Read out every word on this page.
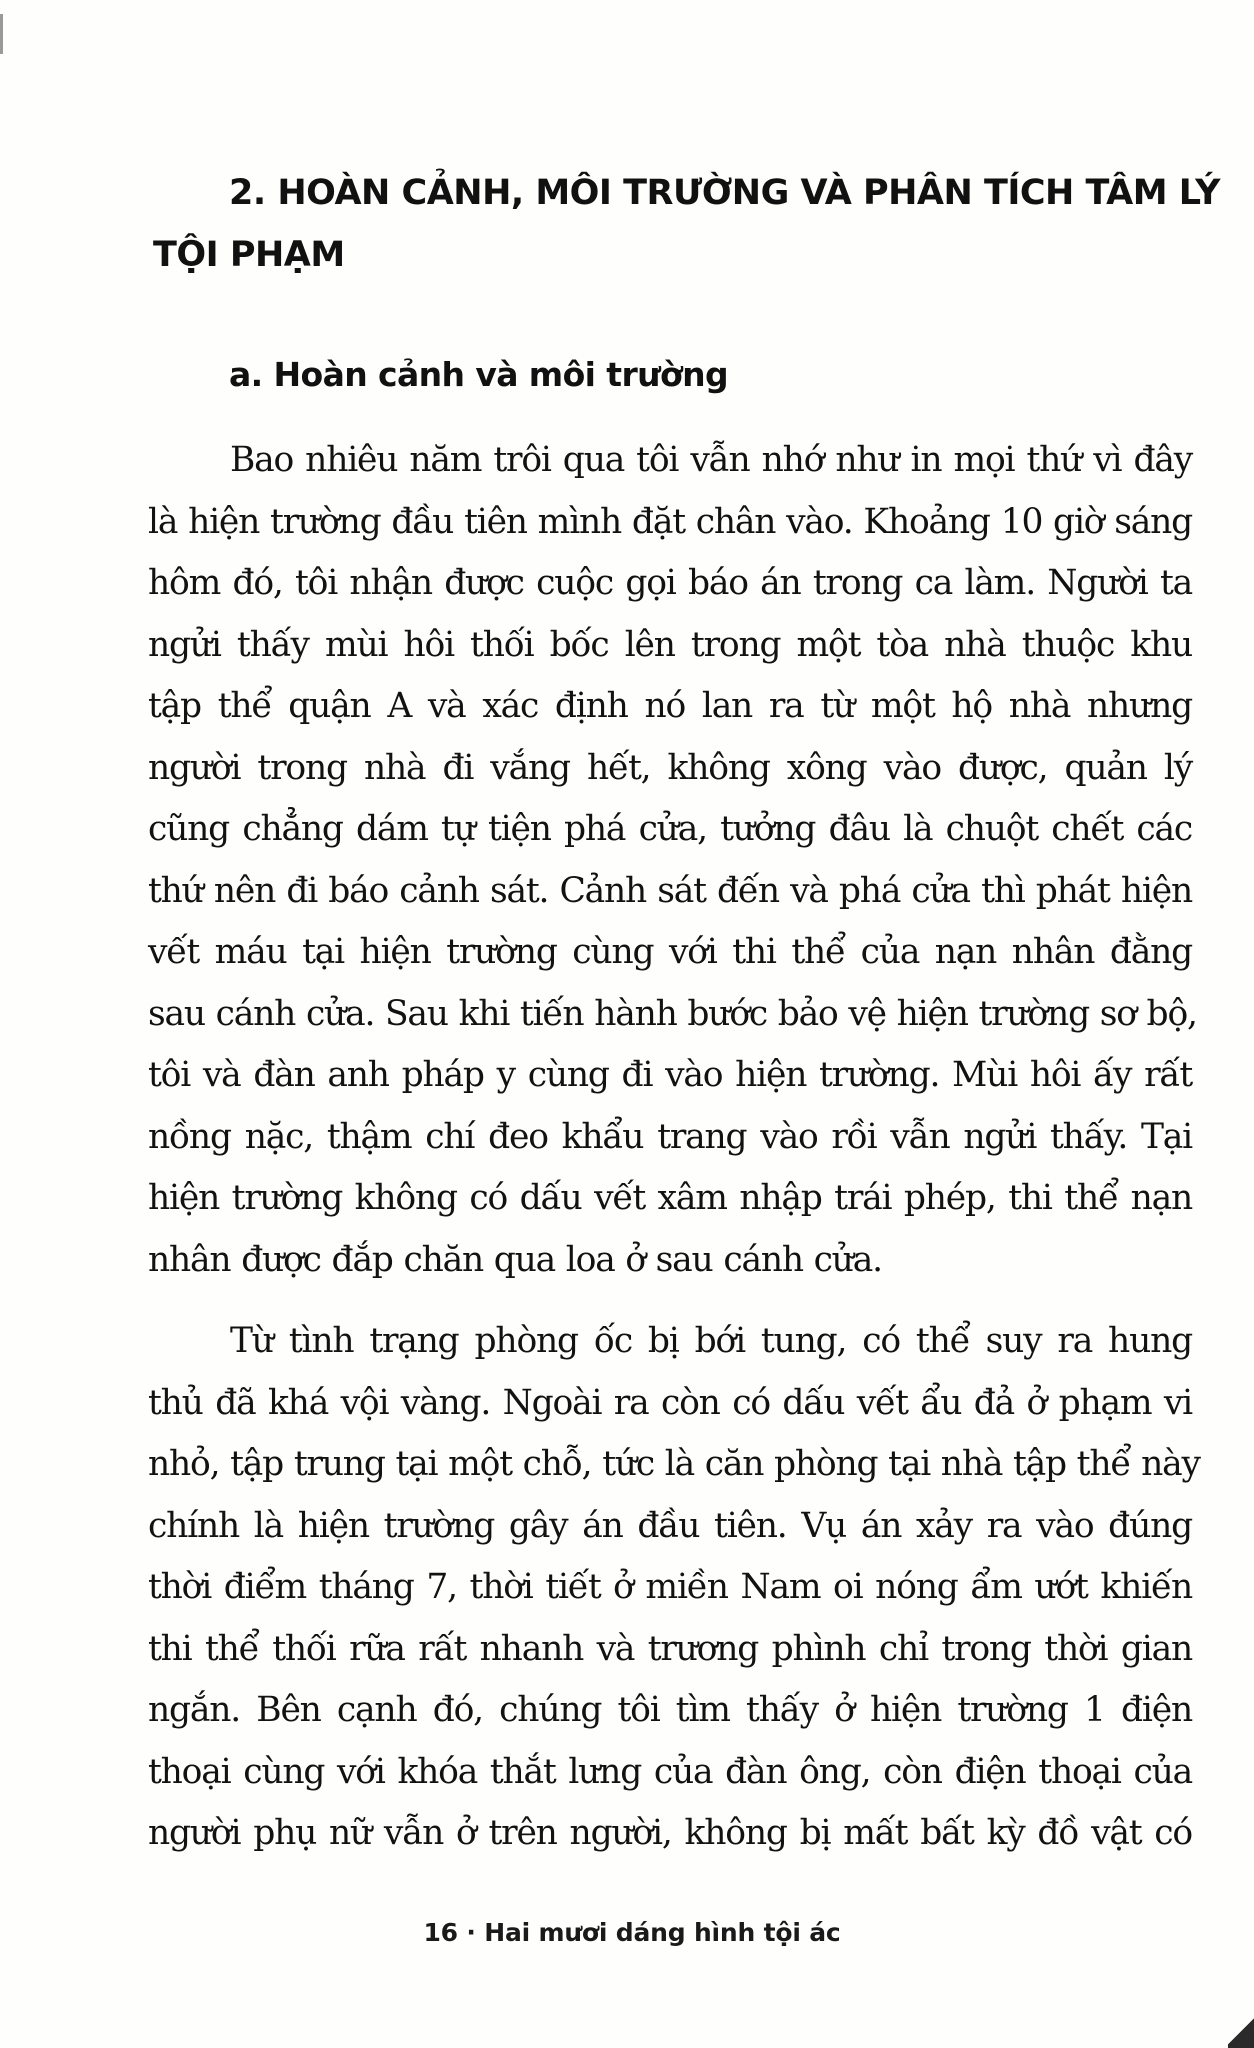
2. HOÀN CẢNH, MÔI TRƯỜNG VÀ PHÂN TÍCH TÂM LÝ
TỘI PHẠM
a. Hoàn cảnh và môi trường

Bao nhiêu năm trôi qua tôi vẫn nhớ như in mọi thứ vì đây
là hiện trường đầu tiên mình đặt chân vào. Khoảng 10 giờ sáng
hôm đó, tôi nhận được cuộc gọi báo án trong ca làm. Người ta
ngửi thấy mùi hôi thối bốc lên trong một tòa nhà thuộc khu
tập thể quận A và xác định nó lan ra từ một hộ nhà nhưng
người trong nhà đi vắng hết, không xông vào được, quản lý
cũng chẳng dám tự tiện phá cửa, tưởng đâu là chuột chết các
thứ nên đi báo cảnh sát. Cảnh sát đến và phá cửa thì phát hiện
vết máu tại hiện trường cùng với thi thể của nạn nhân đằng
sau cánh cửa. Sau khi tiến hành bước bảo vệ hiện trường sơ bộ,
tôi và đàn anh pháp y cùng đi vào hiện trường. Mùi hôi ấy rất
nồng nặc, thậm chí đeo khẩu trang vào rồi vẫn ngửi thấy. Tại
hiện trường không có dấu vết xâm nhập trái phép, thi thể nạn
nhân được đắp chăn qua loa ở sau cánh cửa.

Từ tình trạng phòng ốc bị bới tung, có thể suy ra hung
thủ đã khá vội vàng. Ngoài ra còn có dấu vết ẩu đả ở phạm vi
nhỏ, tập trung tại một chỗ, tức là căn phòng tại nhà tập thể này
chính là hiện trường gây án đầu tiên. Vụ án xảy ra vào đúng
thời điểm tháng 7, thời tiết ở miền Nam oi nóng ẩm ướt khiến
thi thể thối rữa rất nhanh và trương phình chỉ trong thời gian
ngắn. Bên cạnh đó, chúng tôi tìm thấy ở hiện trường 1 điện
thoại cùng với khóa thắt lưng của đàn ông, còn điện thoại của
người phụ nữ vẫn ở trên người, không bị mất bất kỳ đồ vật có

16 · Hai mươi dáng hình tội ác
